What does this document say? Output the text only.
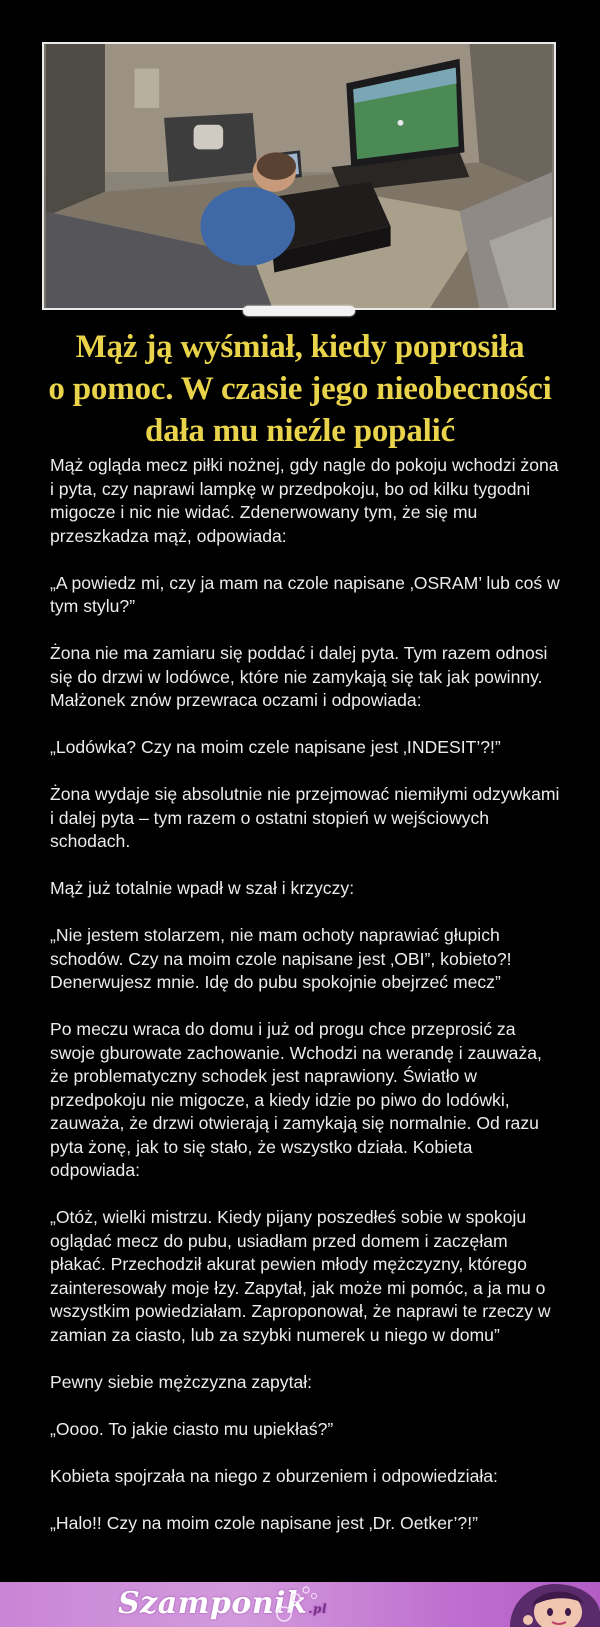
Mąż ją wyśmiał, kiedy poprosiła
o pomoc. W czasie jego nieobecności
dała mu nieźle popalić

Mąż ogląda mecz piłki nożnej, gdy nagle do pokoju wchodzi żona i pyta, czy naprawi lampkę w przedpokoju, bo od kilku tygodni migocze i nic nie widać. Zdenerwowany tym, że się mu przeszkadza mąż, odpowiada:

„A powiedz mi, czy ja mam na czole napisane ‚OSRAM’ lub coś w tym stylu?”

Żona nie ma zamiaru się poddać i dalej pyta. Tym razem odnosi się do drzwi w lodówce, które nie zamykają się tak jak powinny. Małżonek znów przewraca oczami i odpowiada:

„Lodówka? Czy na moim czele napisane jest ‚INDESIT’?!”

Żona wydaje się absolutnie nie przejmować niemiłymi odzywkami i dalej pyta – tym razem o ostatni stopień w wejściowych schodach.

Mąż już totalnie wpadł w szał i krzyczy:

„Nie jestem stolarzem, nie mam ochoty naprawiać głupich schodów. Czy na moim czole napisane jest ‚OBI”, kobieto?! Denerwujesz mnie. Idę do pubu spokojnie obejrzeć mecz”

Po meczu wraca do domu i już od progu chce przeprosić za swoje gburowate zachowanie. Wchodzi na werandę i zauważa, że problematyczny schodek jest naprawiony. Światło w przedpokoju nie migocze, a kiedy idzie po piwo do lodówki, zauważa, że drzwi otwierają i zamykają się normalnie. Od razu pyta żonę, jak to się stało, że wszystko działa. Kobieta odpowiada:

„Otóż, wielki mistrzu. Kiedy pijany poszedłeś sobie w spokoju oglądać mecz do pubu, usiadłam przed domem i zaczęłam płakać. Przechodził akurat pewien młody mężczyzny, którego zainteresowały moje łzy. Zapytał, jak może mi pomóc, a ja mu o wszystkim powiedziałam. Zaproponował, że naprawi te rzeczy w zamian za ciasto, lub za szybki numerek u niego w domu”

Pewny siebie mężczyzna zapytał:

„Oooo. To jakie ciasto mu upiekłaś?”

Kobieta spojrzała na niego z oburzeniem i odpowiedziała:

„Halo!! Czy na moim czole napisane jest ‚Dr. Oetker’?!”

Szamponik.pl
